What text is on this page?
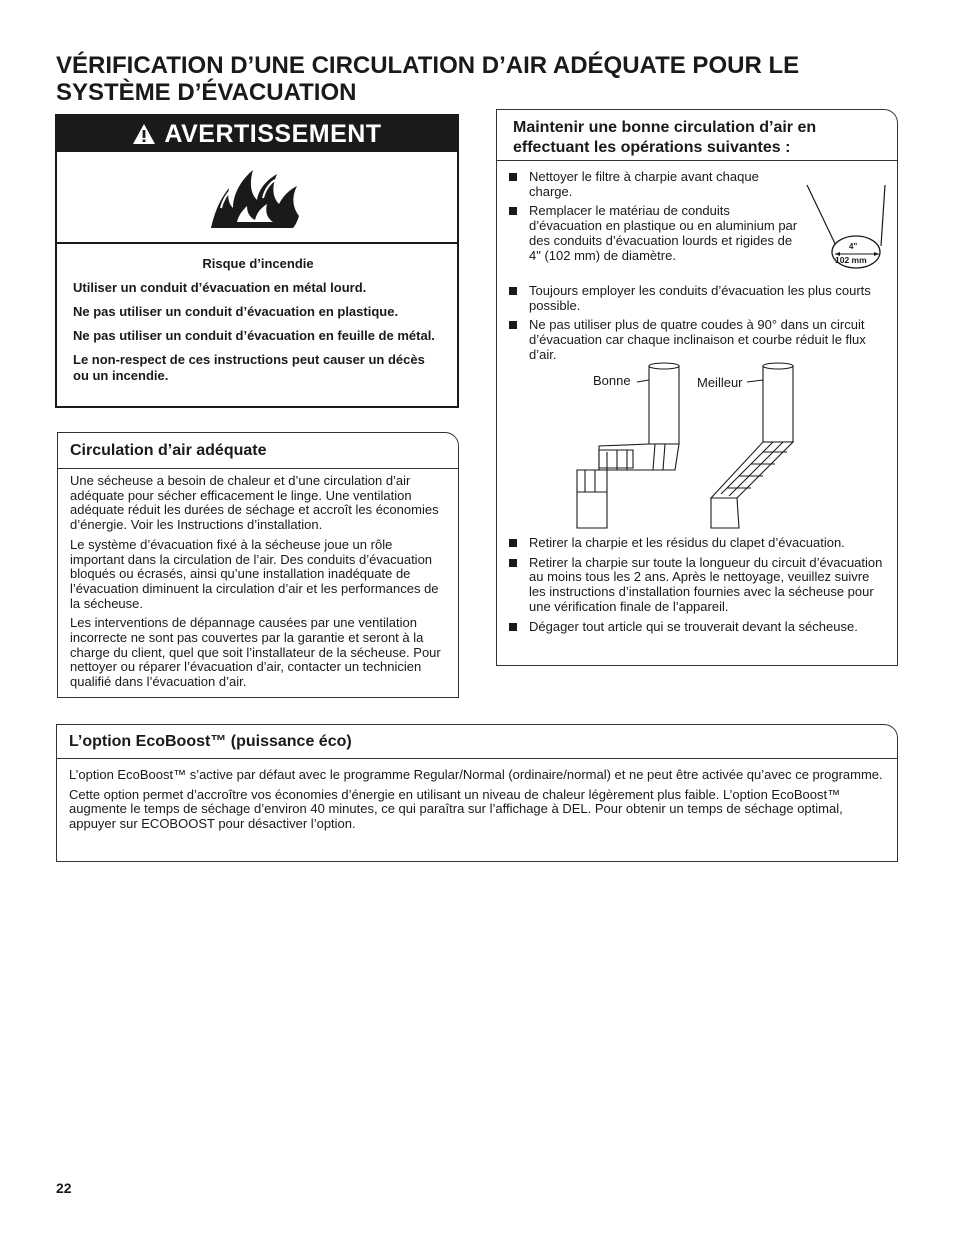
VÉRIFICATION D’UNE CIRCULATION D’AIR ADÉQUATE POUR LE SYSTÈME D’ÉVACUATION
AVERTISSEMENT

Risque d’incendie

Utiliser un conduit d’évacuation en métal lourd.

Ne pas utiliser un conduit d’évacuation en plastique.

Ne pas utiliser un conduit d’évacuation en feuille de métal.

Le non-respect de ces instructions peut causer un décès ou un incendie.

Circulation d’air adéquate

Une sécheuse a besoin de chaleur et d’une circulation d’air adéquate pour sécher efficacement le linge. Une ventilation adéquate réduit les durées de séchage et accroît les économies d’énergie. Voir les Instructions d’installation.

Le système d’évacuation fixé à la sécheuse joue un rôle important dans la circulation de l’air. Des conduits d’évacuation bloqués ou écrasés, ainsi qu’une installation inadéquate de l’évacuation diminuent la circulation d’air et les performances de la sécheuse.

Les interventions de dépannage causées par une ventilation incorrecte ne sont pas couvertes par la garantie et seront à la charge du client, quel que soit l’installateur de la sécheuse. Pour nettoyer ou réparer l’évacuation d’air, contacter un technicien qualifié dans l’évacuation d’air.

Maintenir une bonne circulation d’air en effectuant les opérations suivantes :
Nettoyer le filtre à charpie avant chaque charge.
Remplacer le matériau de conduits d’évacuation en plastique ou en aluminium par des conduits d’évacuation lourds et rigides de 4" (102 mm) de diamètre.
4"
102 mm
Toujours employer les conduits d’évacuation les plus courts possible.
Ne pas utiliser plus de quatre coudes à 90° dans un circuit d’évacuation car chaque inclinaison et courbe réduit le flux d’air.
Bonne	Meilleur
Retirer la charpie et les résidus du clapet d’évacuation.
Retirer la charpie sur toute la longueur du circuit d’évacuation au moins tous les 2 ans. Après le nettoyage, veuillez suivre les instructions d’installation fournies avec la sécheuse pour une vérification finale de l’appareil.
Dégager tout article qui se trouverait devant la sécheuse.
L’option EcoBoost™ (puissance éco)

L’option EcoBoost™ s’active par défaut avec le programme Regular/Normal (ordinaire/normal) et ne peut être activée qu’avec ce programme.

Cette option permet d’accroître vos économies d’énergie en utilisant un niveau de chaleur légèrement plus faible. L’option EcoBoost™ augmente le temps de séchage d’environ 40 minutes, ce qui paraîtra sur l’affichage à DEL. Pour obtenir un temps de séchage optimal, appuyer sur ECOBOOST pour désactiver l’option.

22
